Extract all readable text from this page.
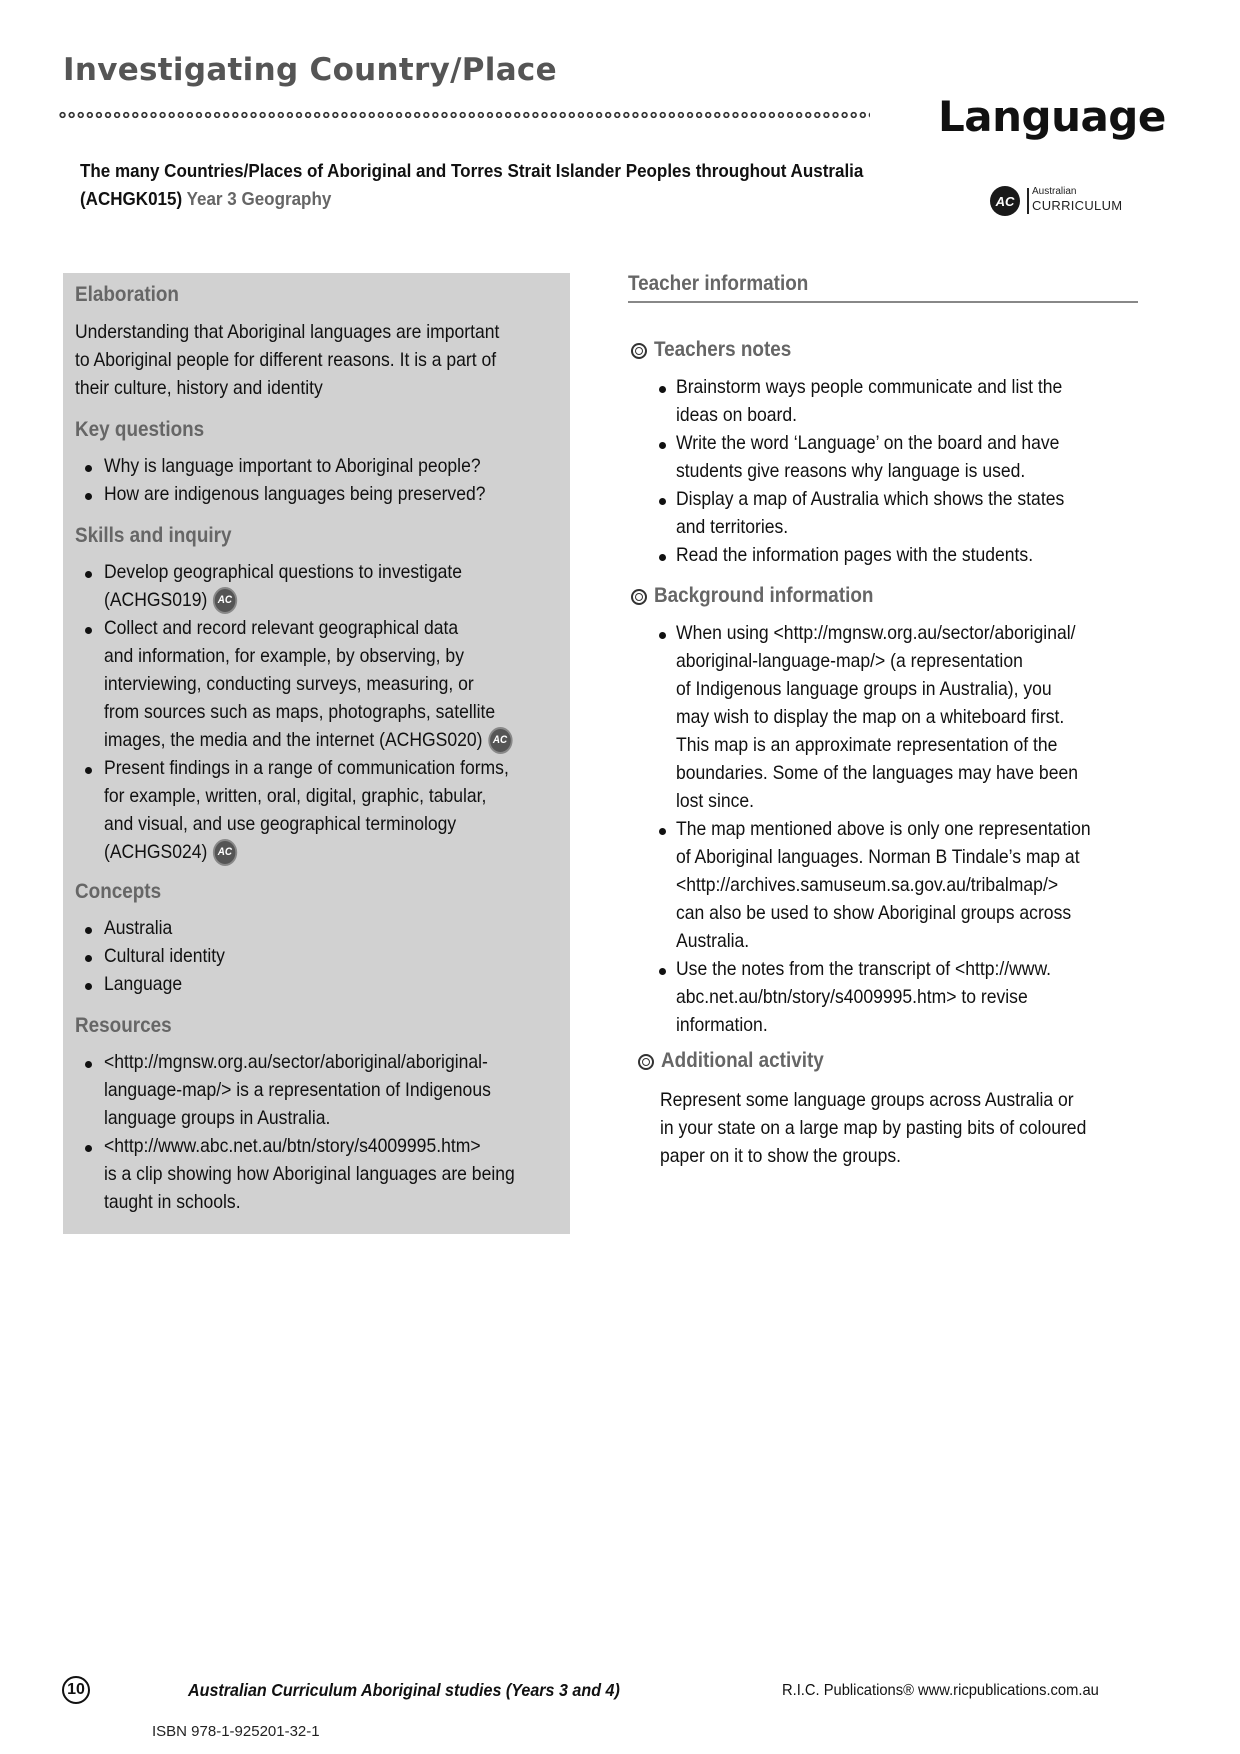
Investigating Country/Place
Language
The many Countries/Places of Aboriginal and Torres Strait Islander Peoples throughout Australia
(ACHGK015) Year 3 Geography	AC
Australian
CURRICULUM
Elaboration
Understanding that Aboriginal languages are important
to Aboriginal people for different reasons. It is a part of
their culture, history and identity
Key questions
Why is language important to Aboriginal people?
How are indigenous languages being preserved?
Skills and inquiry
Develop geographical questions to investigate
(ACHGS019) AC
Collect and record relevant geographical data
and information, for example, by observing, by
interviewing, conducting surveys, measuring, or
from sources such as maps, photographs, satellite
images, the media and the internet (ACHGS020) AC
Present findings in a range of communication forms,
for example, written, oral, digital, graphic, tabular,
and visual, and use geographical terminology
(ACHGS024) AC
Concepts
Australia
Cultural identity
Language
Resources
<http://mgnsw.org.au/sector/aboriginal/aboriginal-
language-map/> is a representation of Indigenous
language groups in Australia.
<http://www.abc.net.au/btn/story/s4009995.htm>
is a clip showing how Aboriginal languages are being
taught in schools.
Teacher information
Teachers notes
Brainstorm ways people communicate and list the
ideas on board.
Write the word ‘Language’ on the board and have
students give reasons why language is used.
Display a map of Australia which shows the states
and territories.
Read the information pages with the students.
Background information
When using <http://mgnsw.org.au/sector/aboriginal/
aboriginal-language-map/> (a representation
of Indigenous language groups in Australia), you
may wish to display the map on a whiteboard first.
This map is an approximate representation of the
boundaries. Some of the languages may have been
lost since.
The map mentioned above is only one representation
of Aboriginal languages. Norman B Tindale’s map at
<http://archives.samuseum.sa.gov.au/tribalmap/>
can also be used to show Aboriginal groups across
Australia.
Use the notes from the transcript of <http://www.
abc.net.au/btn/story/s4009995.htm> to revise
information.
Additional activity
Represent some language groups across Australia or
in your state on a large map by pasting bits of coloured
paper on it to show the groups.
10	Australian Curriculum Aboriginal studies (Years 3 and 4)	R.I.C. Publications® www.ricpublications.com.au
ISBN 978-1-925201-32-1
